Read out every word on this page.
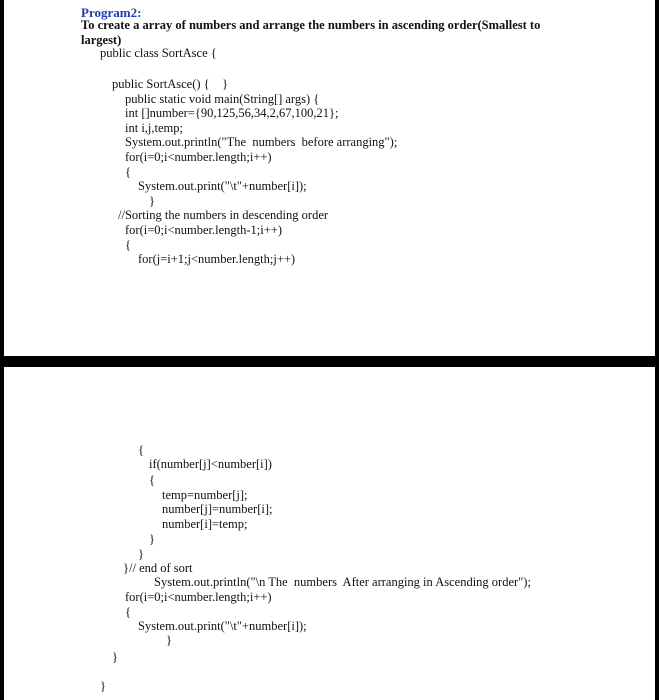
Program2:
To create a array of numbers and arrange the numbers in ascending order(Smallest to largest)
public class SortAsce {
public SortAsce() {    }
public static void main(String[] args) {
int []number={90,125,56,34,2,67,100,21};
int i,j,temp;
System.out.println("The  numbers  before arranging");
for(i=0;i<number.length;i++)
{
System.out.print("\t"+number[i]);
}
//Sorting the numbers in descending order
for(i=0;i<number.length-1;i++)
{
for(j=i+1;j<number.length;j++)
{
if(number[j]<number[i])
{
temp=number[j];
number[j]=number[i];
number[i]=temp;
}
}
}// end of sort
System.out.println("\n The  numbers  After arranging in Ascending order");
for(i=0;i<number.length;i++)
{
System.out.print("\t"+number[i]);
}
}
}
